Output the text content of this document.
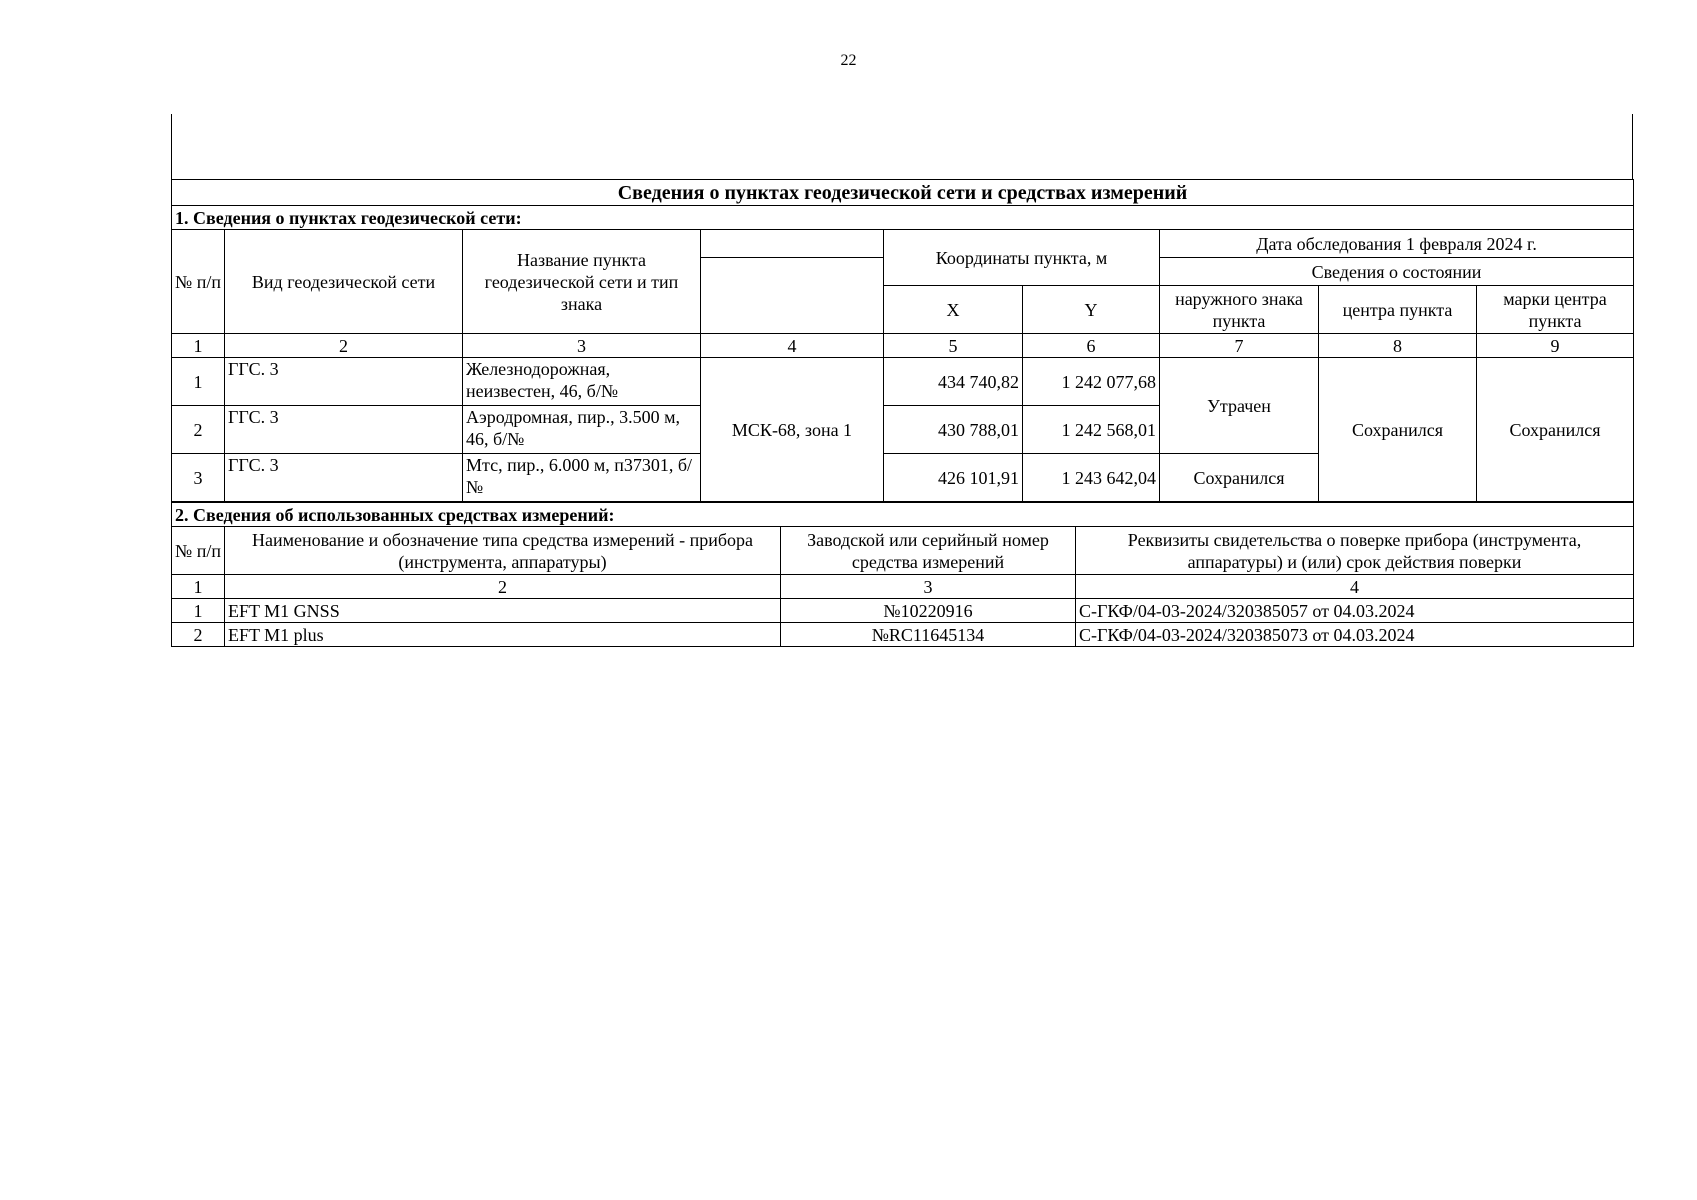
22
Сведения о пунктах геодезической сети и средствах измерений								
1. Сведения о пунктах геодезической сети:								
№ п/п	Вид геодезической сети	Название пункта геодезической сети и тип знака		Координаты пункта, м		Дата обследования 1 февраля 2024 г.		
						Сведения о состоянии		
				X	Y	наружного знака пункта	центра пункта	марки центра пункта
1	2	3	4	5	6	7	8	9
1	ГГС. 3	Железнодорожная, неизвестен, 46, б/№	МСК-68, зона 1	434 740,82	1 242 077,68	Утрачен	Сохранился	Сохранился
2	ГГС. 3	Аэродромная, пир., 3.500 м, 46, б/№		430 788,01	1 242 568,01			
3	ГГС. 3	Мтс, пир., 6.000 м, п37301, б/№		426 101,91	1 243 642,04	Сохранился		
2. Сведения об использованных средствах измерений:			
№ п/п	Наименование и обозначение типа средства измерений - прибора (инструмента, аппаратуры)	Заводской или серийный номер средства измерений	Реквизиты свидетельства о поверке прибора (инструмента, аппаратуры) и (или) срок действия поверки
1	2	3	4
1	EFT M1 GNSS	№10220916	С-ГКФ/04-03-2024/320385057 от 04.03.2024
2	EFT M1 plus	№RC11645134	С-ГКФ/04-03-2024/320385073 от 04.03.2024
